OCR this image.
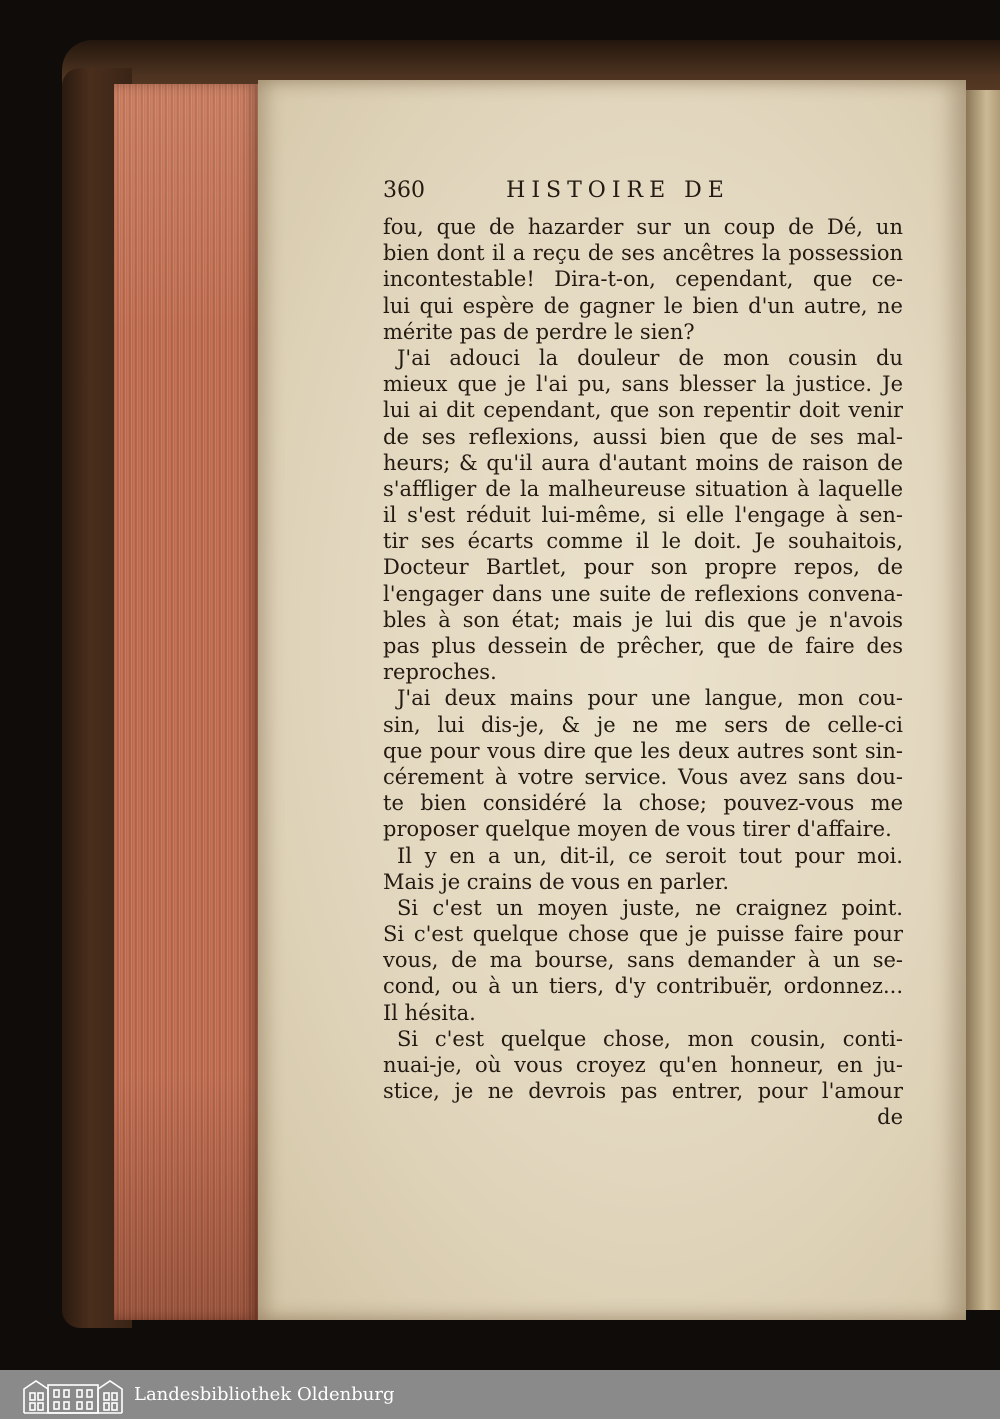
360	HISTOIRE DE
fou, que de hazarder sur un coup de Dé, un
bien dont il a reçu de ses ancêtres la possession
incontestable! Dira-t-on, cependant, que ce-
lui qui espère de gagner le bien d'un autre, ne
mérite pas de perdre le sien?
J'ai adouci la douleur de mon cousin du
mieux que je l'ai pu, sans blesser la justice. Je
lui ai dit cependant, que son repentir doit venir
de ses reflexions, aussi bien que de ses mal-
heurs; & qu'il aura d'autant moins de raison de
s'affliger de la malheureuse situation à laquelle
il s'est réduit lui-même, si elle l'engage à sen-
tir ses écarts comme il le doit. Je souhaitois,
Docteur Bartlet, pour son propre repos, de
l'engager dans une suite de reflexions convena-
bles à son état; mais je lui dis que je n'avois
pas plus dessein de prêcher, que de faire des
reproches.
J'ai deux mains pour une langue, mon cou-
sin, lui dis-je, & je ne me sers de celle-ci
que pour vous dire que les deux autres sont sin-
cérement à votre service. Vous avez sans dou-
te bien considéré la chose; pouvez-vous me
proposer quelque moyen de vous tirer d'affaire.
Il y en a un, dit-il, ce seroit tout pour moi.
Mais je crains de vous en parler.
Si c'est un moyen juste, ne craignez point.
Si c'est quelque chose que je puisse faire pour
vous, de ma bourse, sans demander à un se-
cond, ou à un tiers, d'y contribuër, ordonnez...
Il hésita.
Si c'est quelque chose, mon cousin, conti-
nuai-je, où vous croyez qu'en honneur, en ju-
stice, je ne devrois pas entrer, pour l'amour
de
Landesbibliothek Oldenburg
